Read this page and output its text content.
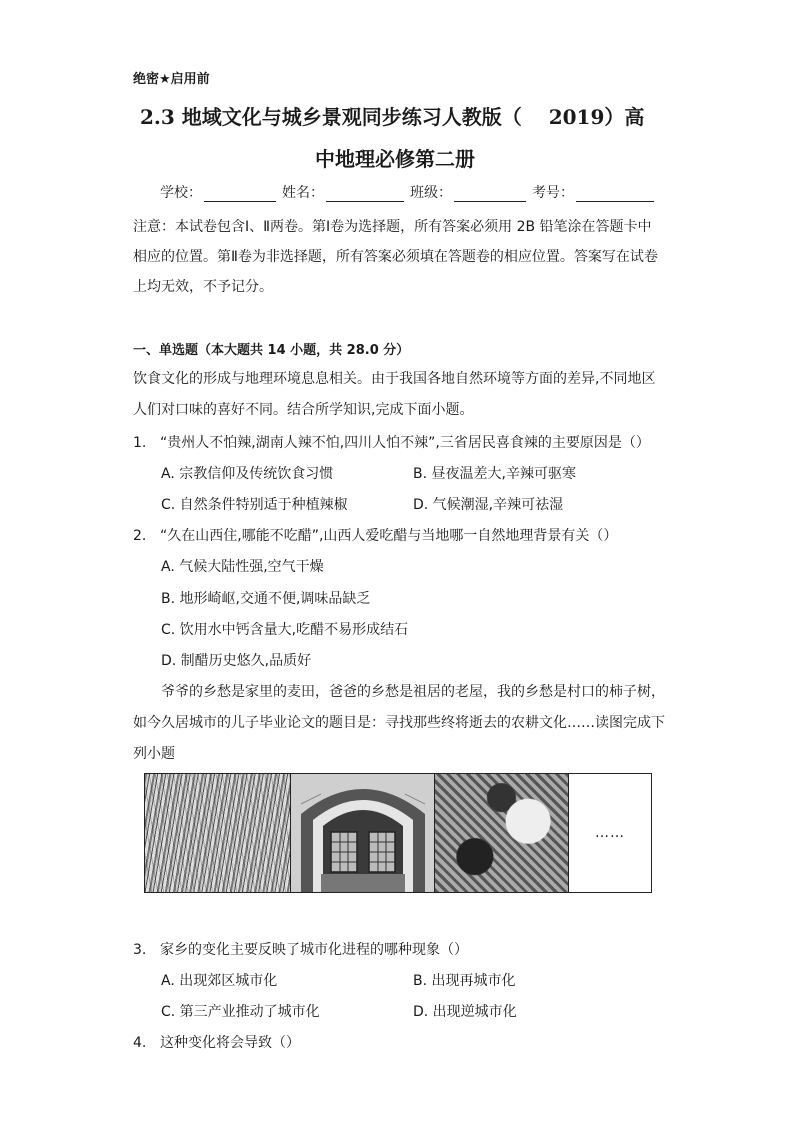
绝密★启用前
2.3 地域文化与城乡景观同步练习人教版（　 2019）高
中地理必修第二册
学校：	姓名：	班级：	考号：
注意：本试卷包含Ⅰ、Ⅱ两卷。第Ⅰ卷为选择题，所有答案必须用 2B 铅笔涂在答题卡中相应的位置。第Ⅱ卷为非选择题，所有答案必须填在答题卷的相应位置。答案写在试卷上均无效，不予记分。
一、单选题（本大题共 14 小题，共 28.0 分）
饮食文化的形成与地理环境息息相关。由于我国各地自然环境等方面的差异,不同地区人们对口味的喜好不同。结合所学知识,完成下面小题。
1. “贵州人不怕辣,湖南人辣不怕,四川人怕不辣”,三省居民喜食辣的主要原因是（）
A. 宗教信仰及传统饮食习惯	B. 昼夜温差大,辛辣可驱寒
C. 自然条件特别适于种植辣椒	D. 气候潮湿,辛辣可祛湿
2. “久在山西住,哪能不吃醋”,山西人爱吃醋与当地哪一自然地理背景有关（）
A. 气候大陆性强,空气干燥
B. 地形崎岖,交通不便,调味品缺乏
C. 饮用水中钙含量大,吃醋不易形成结石
D. 制醋历史悠久,品质好
爷爷的乡愁是家里的麦田，爸爸的乡愁是祖居的老屋，我的乡愁是村口的柿子树，如今久居城市的儿子毕业论文的题目是：寻找那些终将逝去的农耕文化……读图完成下列小题
……
3. 家乡的变化主要反映了城市化进程的哪种现象（）
A. 出现郊区城市化	B. 出现再城市化
C. 第三产业推动了城市化	D. 出现逆城市化
4. 这种变化将会导致（）
